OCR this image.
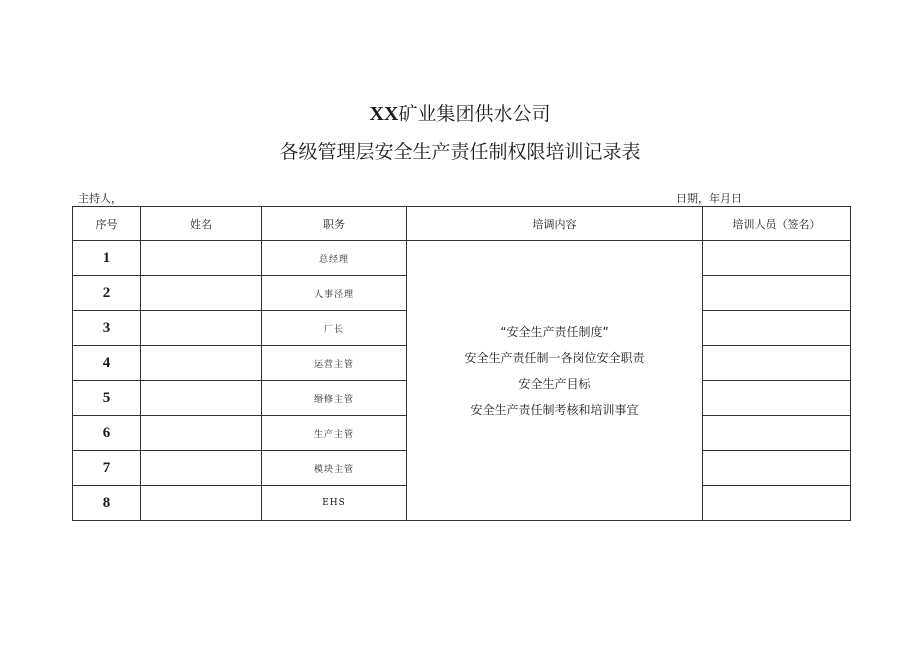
XX矿业集团供水公司
各级管理层安全生产责任制权限培训记录表
主持人，	日期，年月日
序号	姓名	职务	培调内容	培训人员（签名）
1		总经理	“安全生产责任制度”
安全生产责任制一各岗位安全职责
安全生产目标
安全生产责任制考核和培训事宜	

2		人事泾理		
3		厂长		
4		运营主管		
5		缗修主管		
6		生产主管		
7		模块主管		
8		EHS		
